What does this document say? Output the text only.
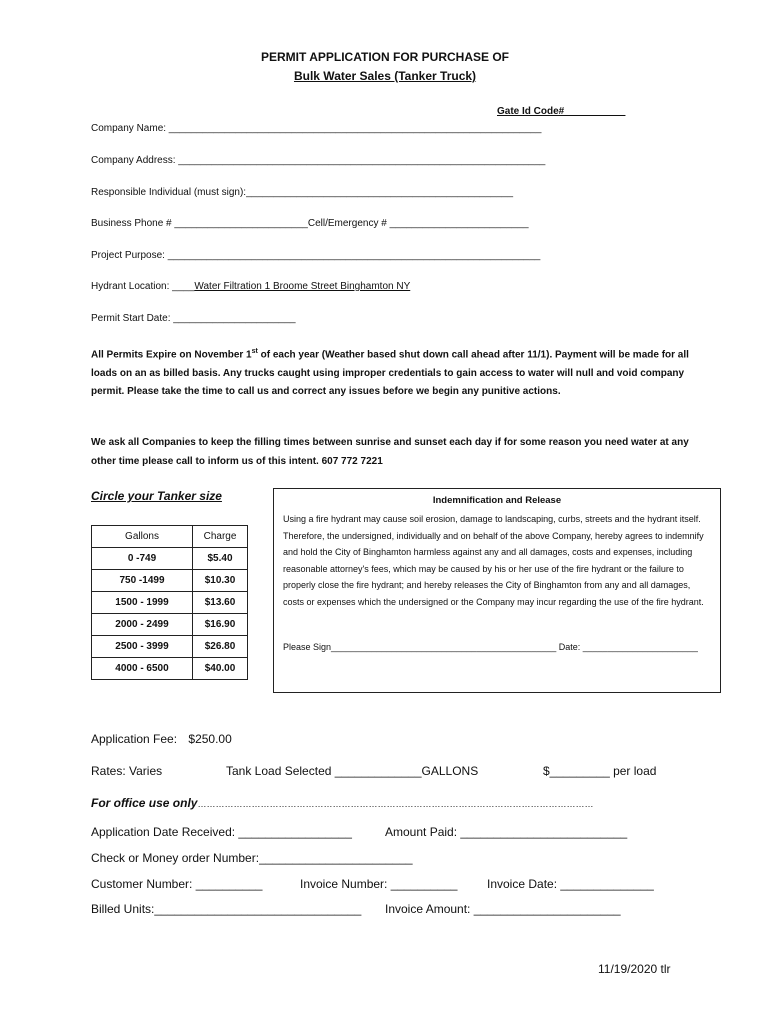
PERMIT APPLICATION FOR PURCHASE OF
Bulk Water Sales (Tanker Truck)
Gate Id Code#___________
Company Name: ___________________________________________________________________
Company Address: __________________________________________________________________
Responsible Individual (must sign):________________________________________________
Business Phone # ________________________Cell/Emergency # _________________________
Project Purpose: ___________________________________________________________________
Hydrant Location: ____Water Filtration 1 Broome Street Binghamton NY
Permit Start Date: ______________________
All Permits Expire on November 1st of each year (Weather based shut down call ahead after 11/1). Payment will be made for all loads on an as billed basis. Any trucks caught using improper credentials to gain access to water will null and void company permit. Please take the time to call us and correct any issues before we begin any punitive actions.
We ask all Companies to keep the filling times between sunrise and sunset each day if for some reason you need water at any other time please call to inform us of this intent. 607 772 7221
Circle your Tanker size
Gallons	Charge
0 -749	$5.40
750 -1499	$10.30
1500 - 1999	$13.60
2000 - 2499	$16.90
2500 - 3999	$26.80
4000 - 6500	$40.00
Indemnification and Release
Using a fire hydrant may cause soil erosion, damage to landscaping, curbs, streets and the hydrant itself. Therefore, the undersigned, individually and on behalf of the above Company, hereby agrees to indemnify and hold the City of Binghamton harmless against any and all damages, costs and expenses, including reasonable attorney's fees, which may be caused by his or her use of the fire hydrant or the failure to properly close the fire hydrant; and hereby releases the City of Binghamton from any and all damages, costs or expenses which the undersigned or the Company may incur regarding the use of the fire hydrant.
Please Sign_____________________________________________ Date: _______________________
Application Fee: $250.00
Rates: Varies	Tank Load Selected _____________GALLONS	$_________ per load
For office use only……………………………………………………………………………………………………………………
Application Date Received: _________________	Amount Paid: _________________________
Check or Money order Number:_______________________
Customer Number: __________	Invoice Number: __________ Invoice Date: ______________
Billed Units:_______________________________ Invoice Amount: ______________________
11/19/2020 tlr
